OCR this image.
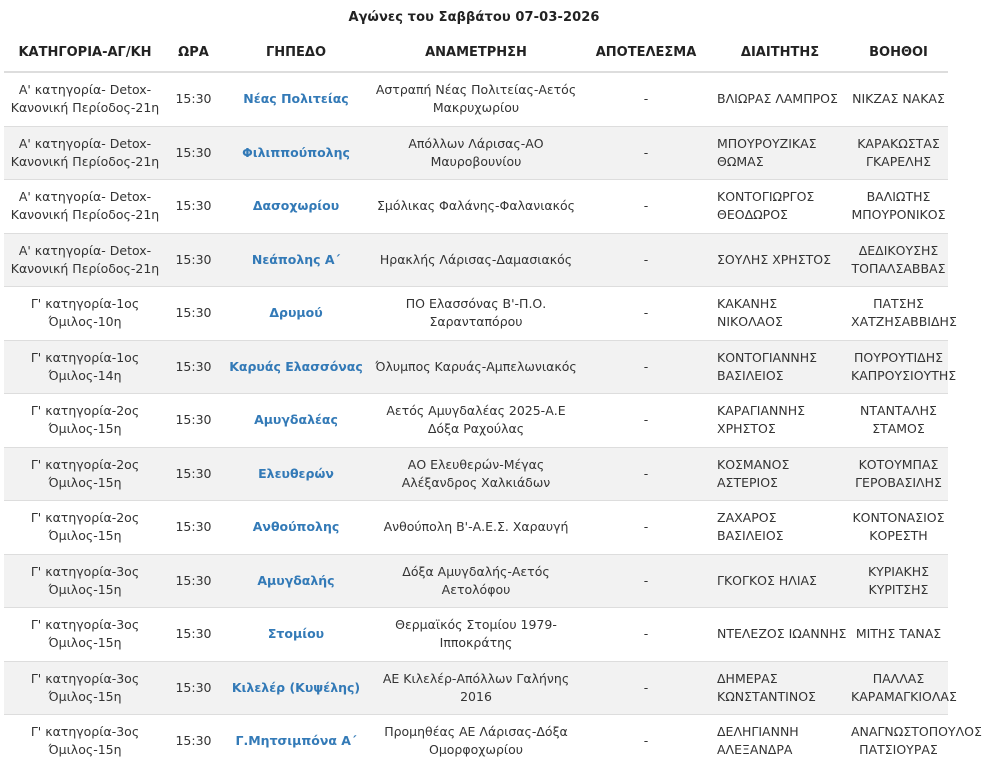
Αγώνες του Σαββάτου 07-03-2026
ΚΑΤΗΓΟΡΙΑ-ΑΓ/ΚΗ	ΩΡΑ	ΓΗΠΕΔΟ	ΑΝΑΜΕΤΡΗΣΗ	ΑΠΟΤΕΛΕΣΜΑ	ΔΙΑΙΤΗΤΗΣ	ΒΟΗΘΟΙ
Α' κατηγορία- Detox-Κανονική Περίοδος-21η	15:30	Νέας Πολιτείας	Αστραπή Νέας Πολιτείας-Αετός Μακρυχωρίου	-	ΒΛΙΩΡΑΣ ΛΑΜΠΡΟΣ	ΝΙΚΖΑΣ ΝΑΚΑΣ
Α' κατηγορία- Detox-Κανονική Περίοδος-21η	15:30	Φιλιππούπολης	Απόλλων Λάρισας-ΑΟ Μαυροβουνίου	-	ΜΠΟΥΡΟΥΖΙΚΑΣ ΘΩΜΑΣ	ΚΑΡΑΚΩΣΤΑΣ ΓΚΑΡΕΛΗΣ
Α' κατηγορία- Detox-Κανονική Περίοδος-21η	15:30	Δασοχωρίου	Σμόλικας Φαλάνης-Φαλανιακός	-	ΚΟΝΤΟΓΙΩΡΓΟΣ ΘΕΟΔΩΡΟΣ	ΒΑΛΙΩΤΗΣ ΜΠΟΥΡΟΝΙΚΟΣ
Α' κατηγορία- Detox-Κανονική Περίοδος-21η	15:30	Νεάπολης Α΄	Ηρακλής Λάρισας-Δαμασιακός	-	ΣΟΥΛΗΣ ΧΡΗΣΤΟΣ	ΔΕΔΙΚΟΥΣΗΣ ΤΟΠΑΛΣΑΒΒΑΣ
Γ' κατηγορία-1ος Όμιλος-10η	15:30	Δρυμού	ΠΟ Ελασσόνας Β'-Π.Ο. Σαρανταπόρου	-	ΚΑΚΑΝΗΣ ΝΙΚΟΛΑΟΣ	ΠΑΤΣΗΣ ΧΑΤΖΗΣΑΒΒΙΔΗΣ
Γ' κατηγορία-1ος Όμιλος-14η	15:30	Καρυάς Ελασσόνας	Όλυμπος Καρυάς-Αμπελωνιακός	-	ΚΟΝΤΟΓΙΑΝΝΗΣ ΒΑΣΙΛΕΙΟΣ	ΠΟΥΡΟΥΤΙΔΗΣ ΚΑΠΡΟΥΣΙΟΥΤΗΣ
Γ' κατηγορία-2ος Όμιλος-15η	15:30	Αμυγδαλέας	Αετός Αμυγδαλέας 2025-Α.Ε Δόξα Ραχούλας	-	ΚΑΡΑΓΙΑΝΝΗΣ ΧΡΗΣΤΟΣ	ΝΤΑΝΤΑΛΗΣ ΣΤΑΜΟΣ
Γ' κατηγορία-2ος Όμιλος-15η	15:30	Ελευθερών	ΑΟ Ελευθερών-Μέγας Αλέξανδρος Χαλκιάδων	-	ΚΟΣΜΑΝΟΣ ΑΣΤΕΡΙΟΣ	ΚΟΤΟΥΜΠΑΣ ΓΕΡΟΒΑΣΙΛΗΣ
Γ' κατηγορία-2ος Όμιλος-15η	15:30	Ανθούπολης	Ανθούπολη Β'-Α.Ε.Σ. Χαραυγή	-	ΖΑΧΑΡΟΣ ΒΑΣΙΛΕΙΟΣ	ΚΟΝΤΟΝΑΣΙΟΣ ΚΟΡΕΣΤΗ
Γ' κατηγορία-3ος Όμιλος-15η	15:30	Αμυγδαλής	Δόξα Αμυγδαλής-Αετός Αετολόφου	-	ΓΚΟΓΚΟΣ ΗΛΙΑΣ	ΚΥΡΙΑΚΗΣ ΚΥΡΙΤΣΗΣ
Γ' κατηγορία-3ος Όμιλος-15η	15:30	Στομίου	Θερμαϊκός Στομίου 1979-Ιπποκράτης	-	ΝΤΕΛΕΖΟΣ ΙΩΑΝΝΗΣ	ΜΙΤΗΣ ΤΑΝΑΣ
Γ' κατηγορία-3ος Όμιλος-15η	15:30	Κιλελέρ (Κυψέλης)	ΑΕ Κιλελέρ-Απόλλων Γαλήνης 2016	-	ΔΗΜΕΡΑΣ ΚΩΝΣΤΑΝΤΙΝΟΣ	ΠΑΛΛΑΣ ΚΑΡΑΜΑΓΚΙΟΛΑΣ
Γ' κατηγορία-3ος Όμιλος-15η	15:30	Γ.Μητσιμπόνα Α΄	Προμηθέας ΑΕ Λάρισας-Δόξα Ομορφοχωρίου	-	ΔΕΛΗΓΙΑΝΝΗ ΑΛΕΞΑΝΔΡΑ	ΑΝΑΓΝΩΣΤΟΠΟΥΛΟΣ ΠΑΤΣΙΟΥΡΑΣ
